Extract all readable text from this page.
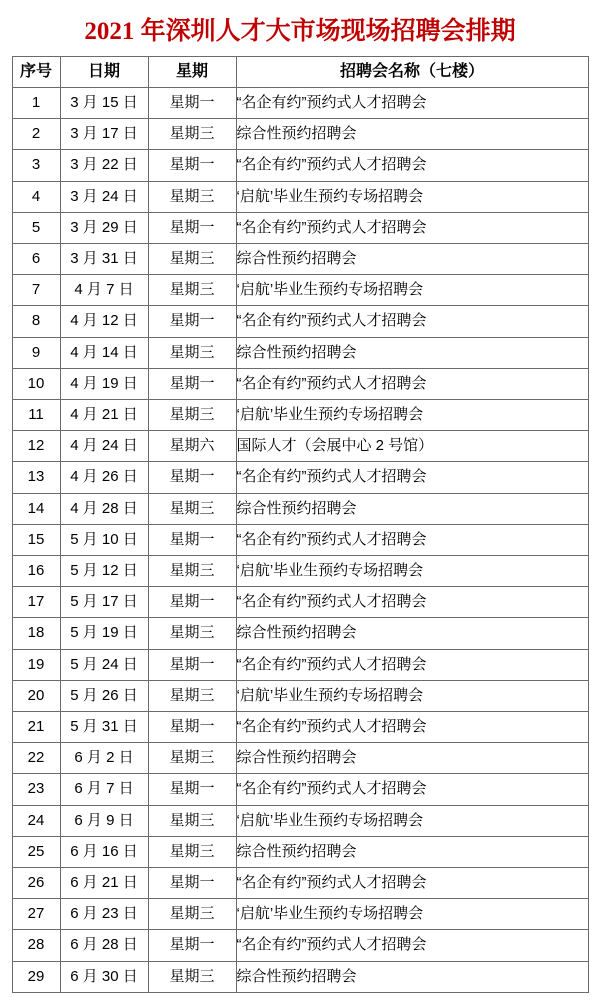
2021 年深圳人才大市场现场招聘会排期
序号	日期	星期	招聘会名称（七楼）
1	3 月 15 日	星期一	“名企有约”预约式人才招聘会
2	3 月 17 日	星期三	综合性预约招聘会
3	3 月 22 日	星期一	“名企有约”预约式人才招聘会
4	3 月 24 日	星期三	‘启航’毕业生预约专场招聘会
5	3 月 29 日	星期一	“名企有约”预约式人才招聘会
6	3 月 31 日	星期三	综合性预约招聘会
7	4 月 7 日	星期三	‘启航’毕业生预约专场招聘会
8	4 月 12 日	星期一	“名企有约”预约式人才招聘会
9	4 月 14 日	星期三	综合性预约招聘会
10	4 月 19 日	星期一	“名企有约”预约式人才招聘会
11	4 月 21 日	星期三	‘启航’毕业生预约专场招聘会
12	4 月 24 日	星期六	国际人才（会展中心 2 号馆）
13	4 月 26 日	星期一	“名企有约”预约式人才招聘会
14	4 月 28 日	星期三	综合性预约招聘会
15	5 月 10 日	星期一	“名企有约”预约式人才招聘会
16	5 月 12 日	星期三	‘启航’毕业生预约专场招聘会
17	5 月 17 日	星期一	“名企有约”预约式人才招聘会
18	5 月 19 日	星期三	综合性预约招聘会
19	5 月 24 日	星期一	“名企有约”预约式人才招聘会
20	5 月 26 日	星期三	‘启航’毕业生预约专场招聘会
21	5 月 31 日	星期一	“名企有约”预约式人才招聘会
22	6 月 2 日	星期三	综合性预约招聘会
23	6 月 7 日	星期一	“名企有约”预约式人才招聘会
24	6 月 9 日	星期三	‘启航’毕业生预约专场招聘会
25	6 月 16 日	星期三	综合性预约招聘会
26	6 月 21 日	星期一	“名企有约”预约式人才招聘会
27	6 月 23 日	星期三	‘启航’毕业生预约专场招聘会
28	6 月 28 日	星期一	“名企有约”预约式人才招聘会
29	6 月 30 日	星期三	综合性预约招聘会
